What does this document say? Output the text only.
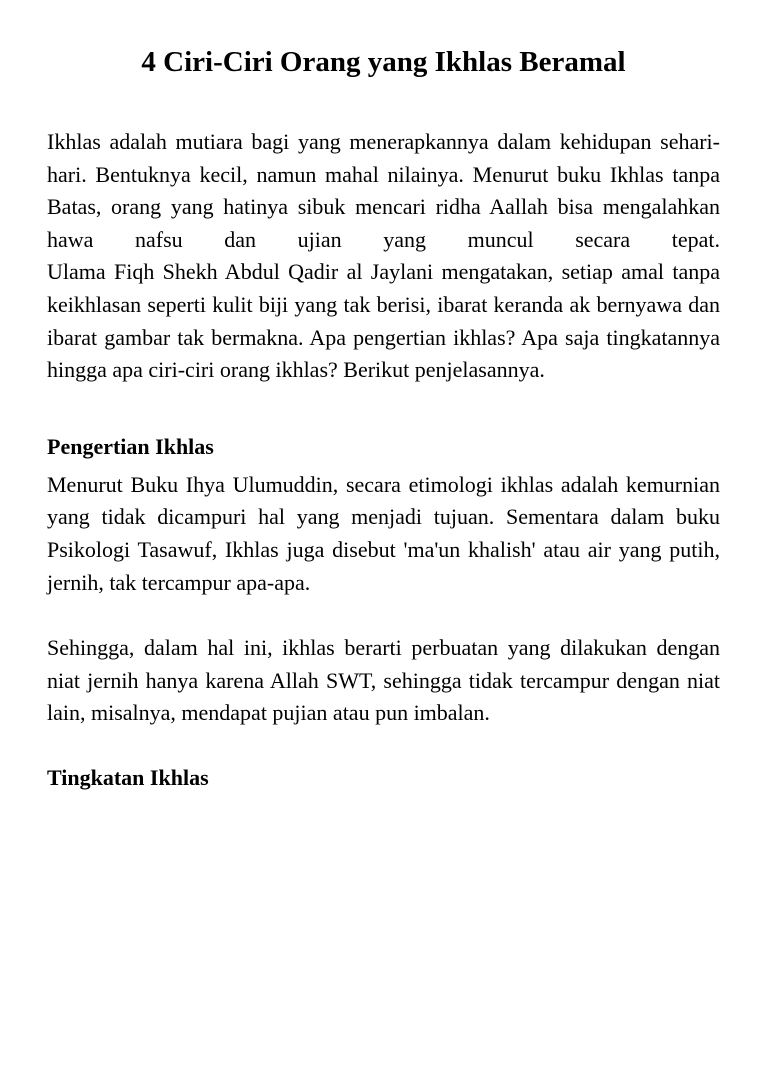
4 Ciri-Ciri Orang yang Ikhlas Beramal

Ikhlas adalah mutiara bagi yang menerapkannya dalam kehidupan sehari-hari. Bentuknya kecil, namun mahal nilainya. Menurut buku Ikhlas tanpa Batas, orang yang hatinya sibuk mencari ridha Aallah bisa mengalahkan hawa nafsu dan ujian yang muncul secara tepat.
Ulama Fiqh Shekh Abdul Qadir al Jaylani mengatakan, setiap amal tanpa keikhlasan seperti kulit biji yang tak berisi, ibarat keranda ak bernyawa dan ibarat gambar tak bermakna. Apa pengertian ikhlas? Apa saja tingkatannya hingga apa ciri-ciri orang ikhlas? Berikut penjelasannya.

Pengertian Ikhlas

Menurut Buku Ihya Ulumuddin, secara etimologi ikhlas adalah kemurnian yang tidak dicampuri hal yang menjadi tujuan. Sementara dalam buku Psikologi Tasawuf, Ikhlas juga disebut 'ma'un khalish' atau air yang putih, jernih, tak tercampur apa-apa.

Sehingga, dalam hal ini, ikhlas berarti perbuatan yang dilakukan dengan niat jernih hanya karena Allah SWT, sehingga tidak tercampur dengan niat lain, misalnya, mendapat pujian atau pun imbalan.

Tingkatan Ikhlas
